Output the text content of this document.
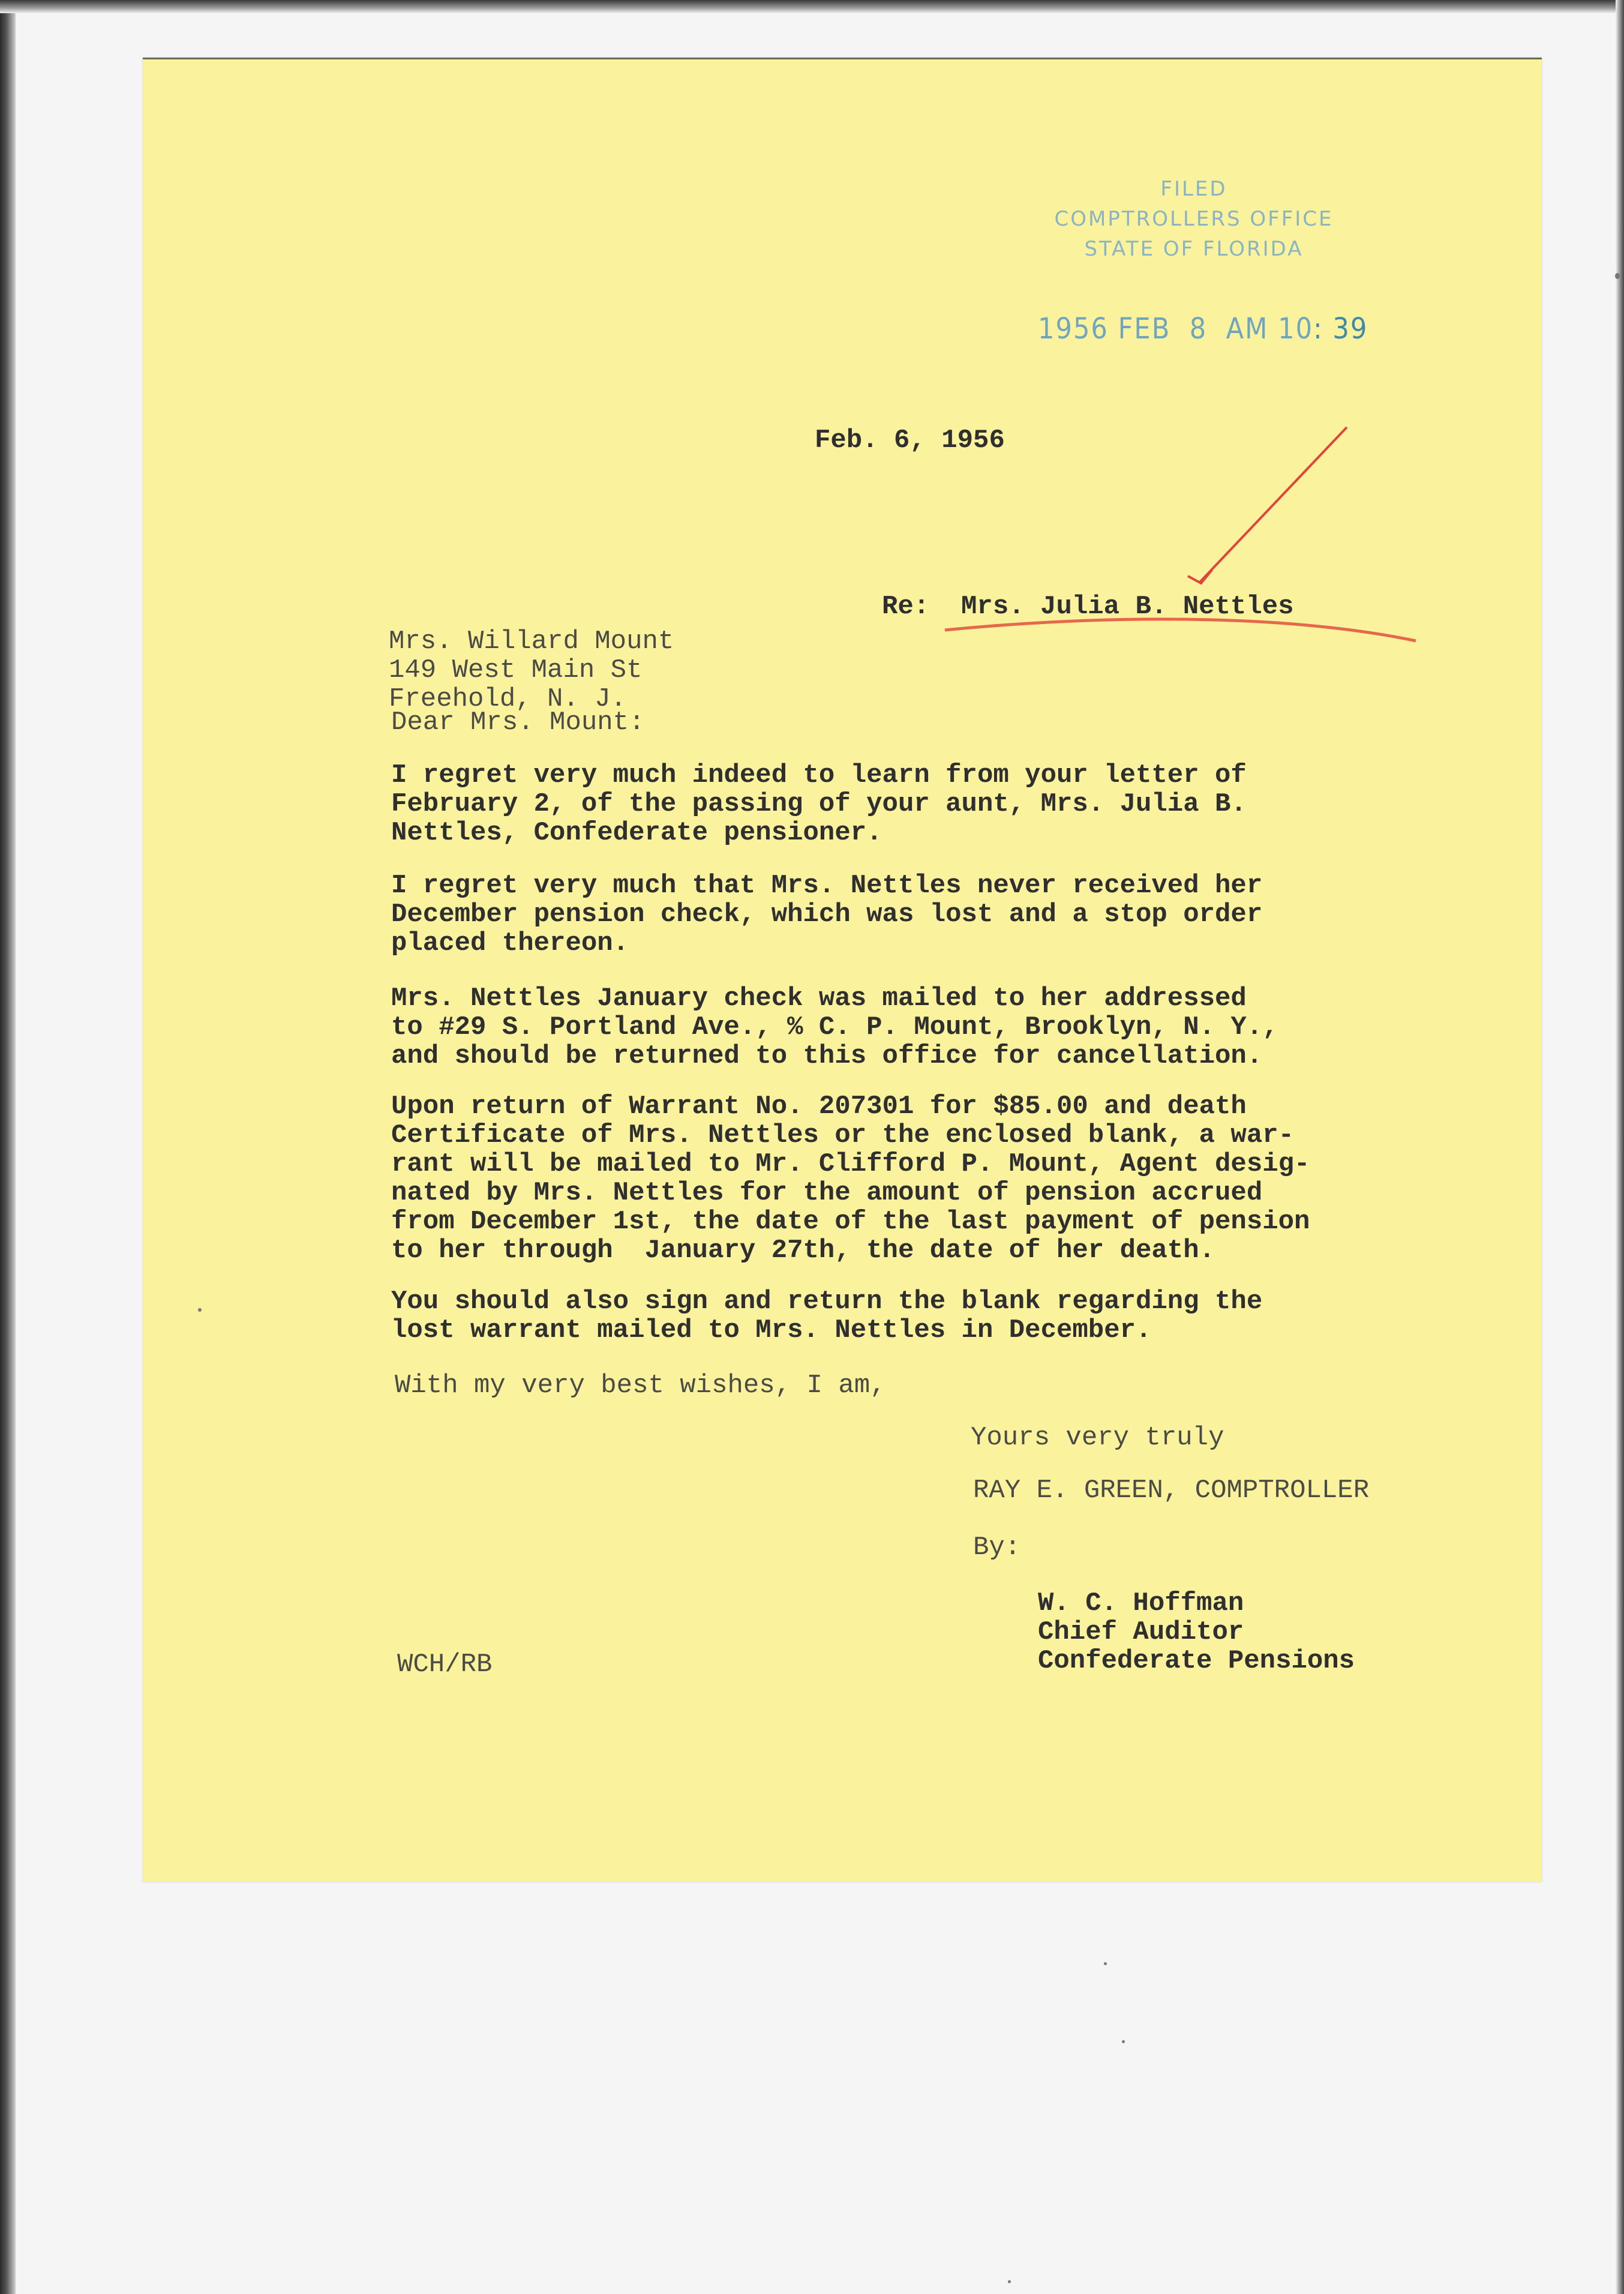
FILED
COMPTROLLERS OFFICE
STATE OF FLORIDA
1956 FEB  8  AM 10: 39
Feb. 6, 1956

Mrs. Willard Mount
149 West Main St
Freehold, N. J.

Re: Mrs. Julia B. Nettles
Dear Mrs. Mount:
I regret very much indeed to learn from your letter of
February 2, of the passing of your aunt, Mrs. Julia B.
Nettles, Confederate pensioner.
I regret very much that Mrs. Nettles never received her
December pension check, which was lost and a stop order
placed thereon.
Mrs. Nettles January check was mailed to her addressed
to #29 S. Portland Ave., % C. P. Mount, Brooklyn, N. Y.,
and should be returned to this office for cancellation.
Upon return of Warrant No. 207301 for $85.00 and death
Certificate of Mrs. Nettles or the enclosed blank, a war-
rant will be mailed to Mr. Clifford P. Mount, Agent desig-
nated by Mrs. Nettles for the amount of pension accrued
from December 1st, the date of the last payment of pension
to her through  January 27th, the date of her death.
You should also sign and return the blank regarding the
lost warrant mailed to Mrs. Nettles in December.
With my very best wishes, I am,
Yours very truly
RAY E. GREEN, COMPTROLLER
By:

W. C. Hoffman
Chief Auditor
Confederate Pensions

WCH/RB
